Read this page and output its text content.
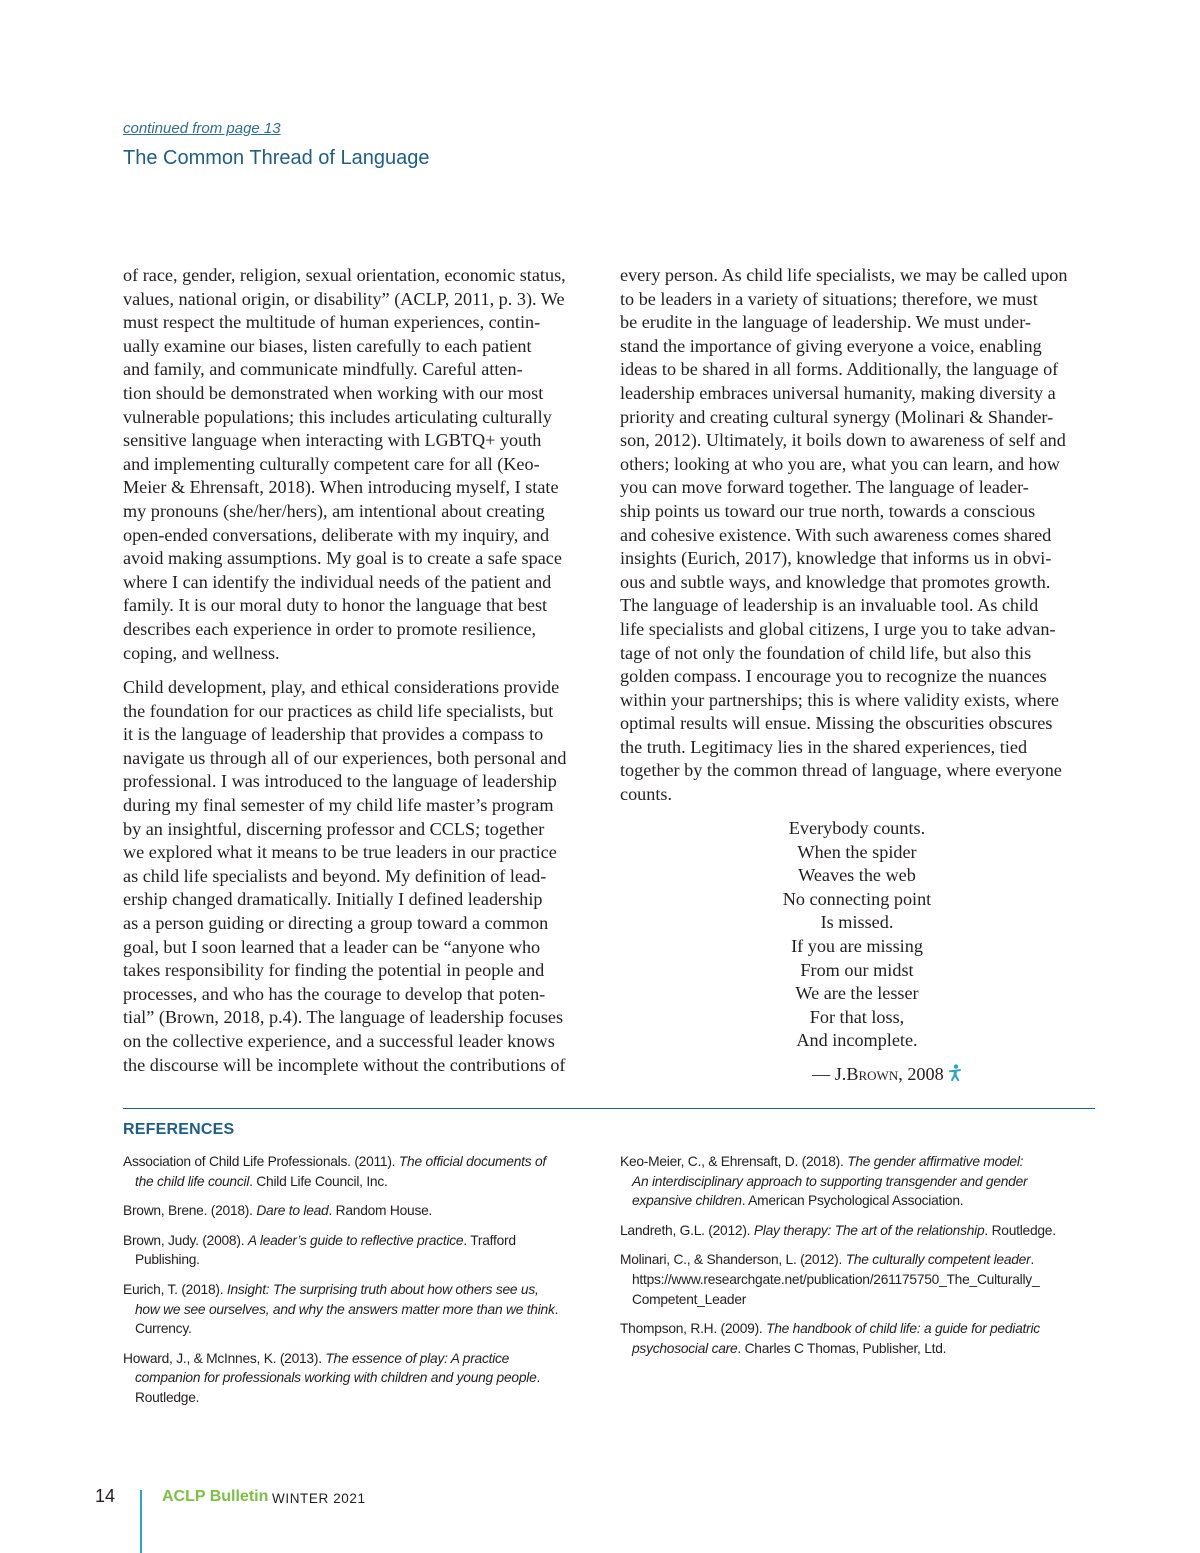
continued from page 13
The Common Thread of Language

of race, gender, religion, sexual orientation, economic status,
values, national origin, or disability” (ACLP, 2011, p. 3). We
must respect the multitude of human experiences, contin-
ually examine our biases, listen carefully to each patient
and family, and communicate mindfully. Careful atten-
tion should be demonstrated when working with our most
vulnerable populations; this includes articulating culturally
sensitive language when interacting with LGBTQ+ youth
and implementing culturally competent care for all (Keo-
Meier & Ehrensaft, 2018). When introducing myself, I state
my pronouns (she/her/hers), am intentional about creating
open-ended conversations, deliberate with my inquiry, and
avoid making assumptions. My goal is to create a safe space
where I can identify the individual needs of the patient and
family. It is our moral duty to honor the language that best
describes each experience in order to promote resilience,
coping, and wellness.

Child development, play, and ethical considerations provide
the foundation for our practices as child life specialists, but
it is the language of leadership that provides a compass to
navigate us through all of our experiences, both personal and
professional. I was introduced to the language of leadership
during my final semester of my child life master’s program
by an insightful, discerning professor and CCLS; together
we explored what it means to be true leaders in our practice
as child life specialists and beyond. My definition of lead-
ership changed dramatically. Initially I defined leadership
as a person guiding or directing a group toward a common
goal, but I soon learned that a leader can be “anyone who
takes responsibility for finding the potential in people and
processes, and who has the courage to develop that poten-
tial” (Brown, 2018, p.4). The language of leadership focuses
on the collective experience, and a successful leader knows
the discourse will be incomplete without the contributions of

every person. As child life specialists, we may be called upon
to be leaders in a variety of situations; therefore, we must
be erudite in the language of leadership. We must under-
stand the importance of giving everyone a voice, enabling
ideas to be shared in all forms. Additionally, the language of
leadership embraces universal humanity, making diversity a
priority and creating cultural synergy (Molinari & Shander-
son, 2012). Ultimately, it boils down to awareness of self and
others; looking at who you are, what you can learn, and how
you can move forward together. The language of leader-
ship points us toward our true north, towards a conscious
and cohesive existence. With such awareness comes shared
insights (Eurich, 2017), knowledge that informs us in obvi-
ous and subtle ways, and knowledge that promotes growth.
The language of leadership is an invaluable tool. As child
life specialists and global citizens, I urge you to take advan-
tage of not only the foundation of child life, but also this
golden compass. I encourage you to recognize the nuances
within your partnerships; this is where validity exists, where
optimal results will ensue. Missing the obscurities obscures
the truth. Legitimacy lies in the shared experiences, tied
together by the common thread of language, where everyone
counts.

Everybody counts.
When the spider
Weaves the web
No connecting point
Is missed.
If you are missing
From our midst
We are the lesser
For that loss,
And incomplete.
— J.Brown, 2008
REFERENCES

Association of Child Life Professionals. (2011). The official documents of
the child life council. Child Life Council, Inc.

Brown, Brene. (2018). Dare to lead. Random House.

Brown, Judy. (2008). A leader’s guide to reflective practice. Trafford
Publishing.

Eurich, T. (2018). Insight: The surprising truth about how others see us,
how we see ourselves, and why the answers matter more than we think.
Currency.

Howard, J., & McInnes, K. (2013). The essence of play: A practice
companion for professionals working with children and young people.
Routledge.

Keo-Meier, C., & Ehrensaft, D. (2018). The gender affirmative model:
An interdisciplinary approach to supporting transgender and gender
expansive children. American Psychological Association.

Landreth, G.L. (2012). Play therapy: The art of the relationship. Routledge.

Molinari, C., & Shanderson, L. (2012). The culturally competent leader.
https://www.researchgate.net/publication/261175750_The_Culturally_
Competent_Leader

Thompson, R.H. (2009). The handbook of child life: a guide for pediatric
psychosocial care. Charles C Thomas, Publisher, Ltd.

14	ACLP Bulletin WINTER 2021
